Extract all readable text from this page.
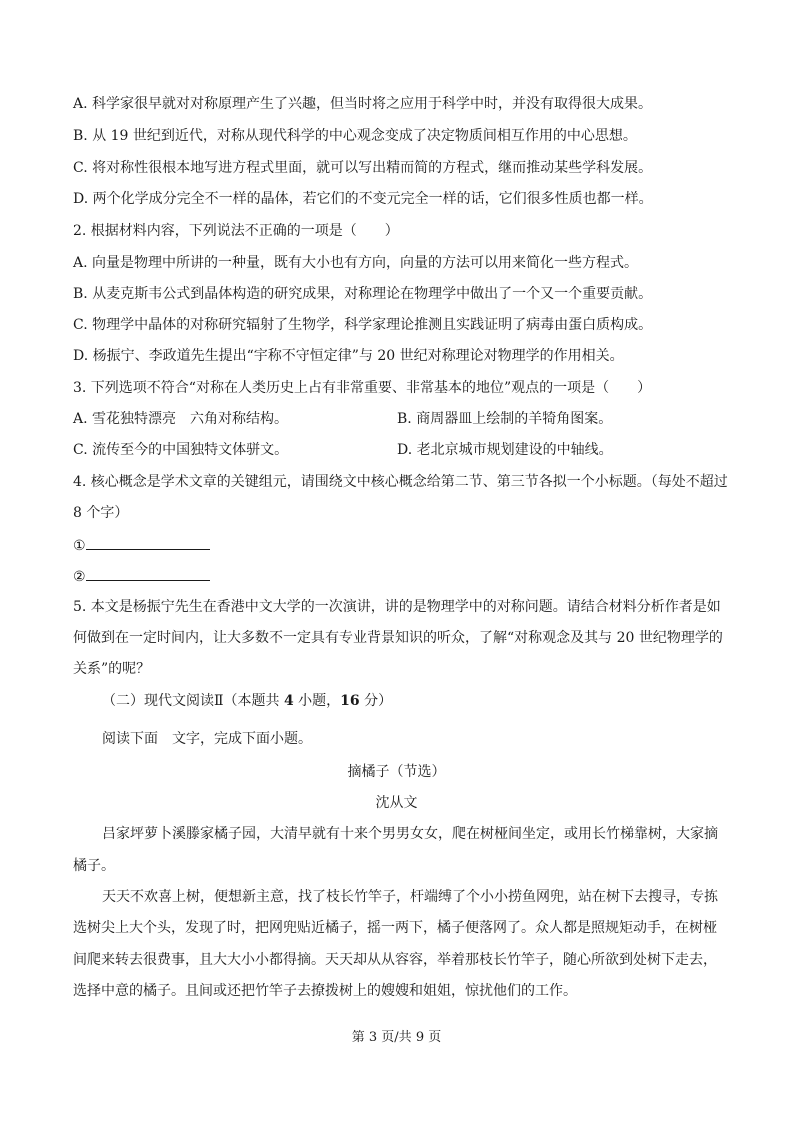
A. 科学家很早就对对称原理产生了兴趣，但当时将之应用于科学中时，并没有取得很大成果。
B. 从 19 世纪到近代，对称从现代科学的中心观念变成了决定物质间相互作用的中心思想。
C. 将对称性很根本地写进方程式里面，就可以写出精而简的方程式，继而推动某些学科发展。
D. 两个化学成分完全不一样的晶体，若它们的不变元完全一样的话，它们很多性质也都一样。
2. 根据材料内容，下列说法不正确的一项是（　　）
A. 向量是物理中所讲的一种量，既有大小也有方向，向量的方法可以用来简化一些方程式。
B. 从麦克斯韦公式到晶体构造的研究成果，对称理论在物理学中做出了一个又一个重要贡献。
C. 物理学中晶体的对称研究辐射了生物学，科学家理论推测且实践证明了病毒由蛋白质构成。
D. 杨振宁、李政道先生提出“宇称不守恒定律”与 20 世纪对称理论对物理学的作用相关。
3. 下列选项不符合“对称在人类历史上占有非常重要、非常基本的地位”观点的一项是（　　）
A. 雪花独特漂亮　六角对称结构。	B. 商周器皿上绘制的羊犄角图案。
C. 流传至今的中国独特文体骈文。	D. 老北京城市规划建设的中轴线。
4. 核心概念是学术文章的关键组元，请围绕文中核心概念给第二节、第三节各拟一个小标题。（每处不超过
8 个字）
①
②
5. 本文是杨振宁先生在香港中文大学的一次演讲，讲的是物理学中的对称问题。请结合材料分析作者是如
何做到在一定时间内，让大多数不一定具有专业背景知识的听众，了解“对称观念及其与 20 世纪物理学的
关系”的呢？
（二）现代文阅读Ⅱ（本题共 4 小题，16 分）
阅读下面　文字，完成下面小题。
摘橘子（节选）
沈从文
吕家坪萝卜溪滕家橘子园，大清早就有十来个男男女女，爬在树桠间坐定，或用长竹梯靠树，大家摘
橘子。
天天不欢喜上树，便想新主意，找了枝长竹竿子，杆端缚了个小小捞鱼网兜，站在树下去搜寻，专拣
选树尖上大个头，发现了时，把网兜贴近橘子，摇一两下，橘子便落网了。众人都是照规矩动手，在树桠
间爬来转去很费事，且大大小小都得摘。天天却从从容容，举着那枝长竹竿子，随心所欲到处树下走去，
选择中意的橘子。且间或还把竹竿子去撩拨树上的嫂嫂和姐姐，惊扰他们的工作。
第 3 页/共 9 页
